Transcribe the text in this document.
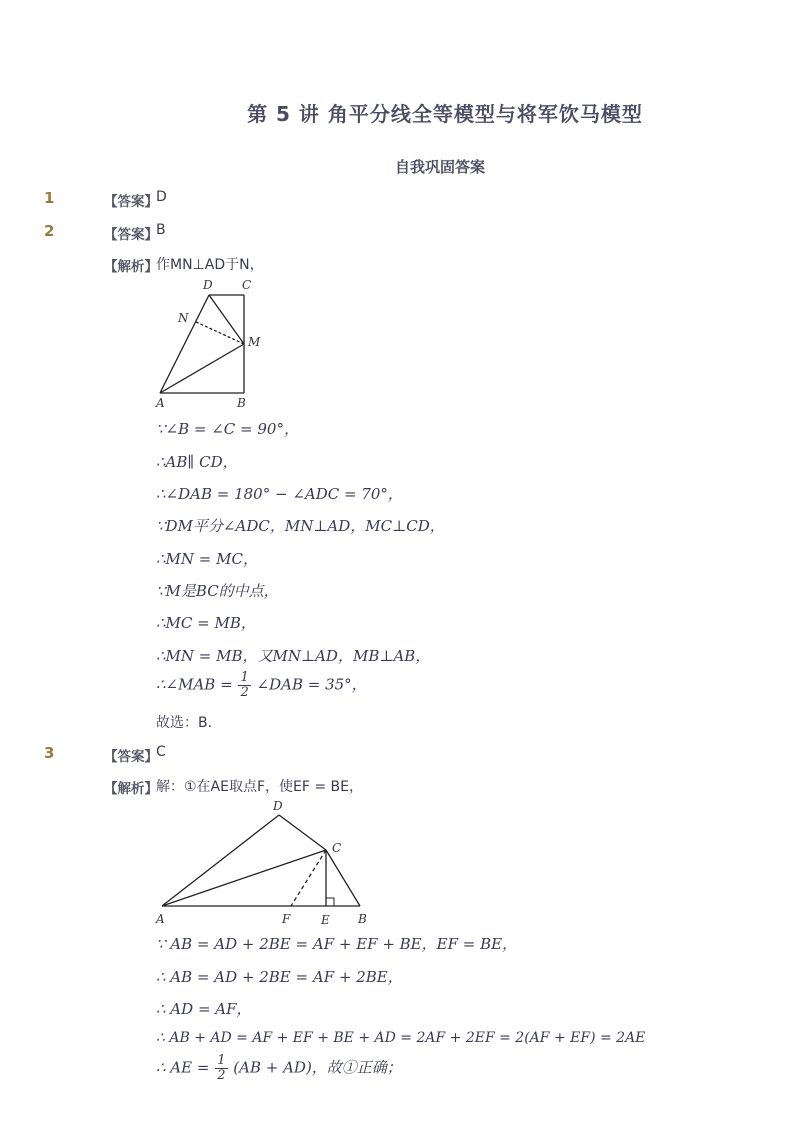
第 5 讲 角平分线全等模型与将军饮马模型
自我巩固答案
1	【答案】
D
2	【答案】
B
【解析】
作MN⊥AD于N，
D C
N
M
A	B
∵∠B = ∠C = 90°，
∴AB∥ CD，
∴∠DAB = 180° − ∠ADC = 70°，
∵DM平分∠ADC，MN⊥AD，MC⊥CD，
∴MN = MC，
∵M是BC的中点，
∴MC = MB，
∴MN = MB，又MN⊥AD，MB⊥AB，
∴∠MAB = $\frac{1}{2}$ ∠DAB = 35°，
故选：B.
3	【答案】
C
【解析】
解：①在AE取点F，使EF = BE，
D
C
A	F	E B
∵ AB = AD + 2BE = AF + EF + BE，EF = BE，
∴ AB = AD + 2BE = AF + 2BE，
∴ AD = AF，
∴ AB + AD = AF + EF + BE + AD = 2AF + 2EF = 2(AF + EF) = 2AE
∴ AE = $\frac{1}{2} (AB + AD)$，故①正确；
